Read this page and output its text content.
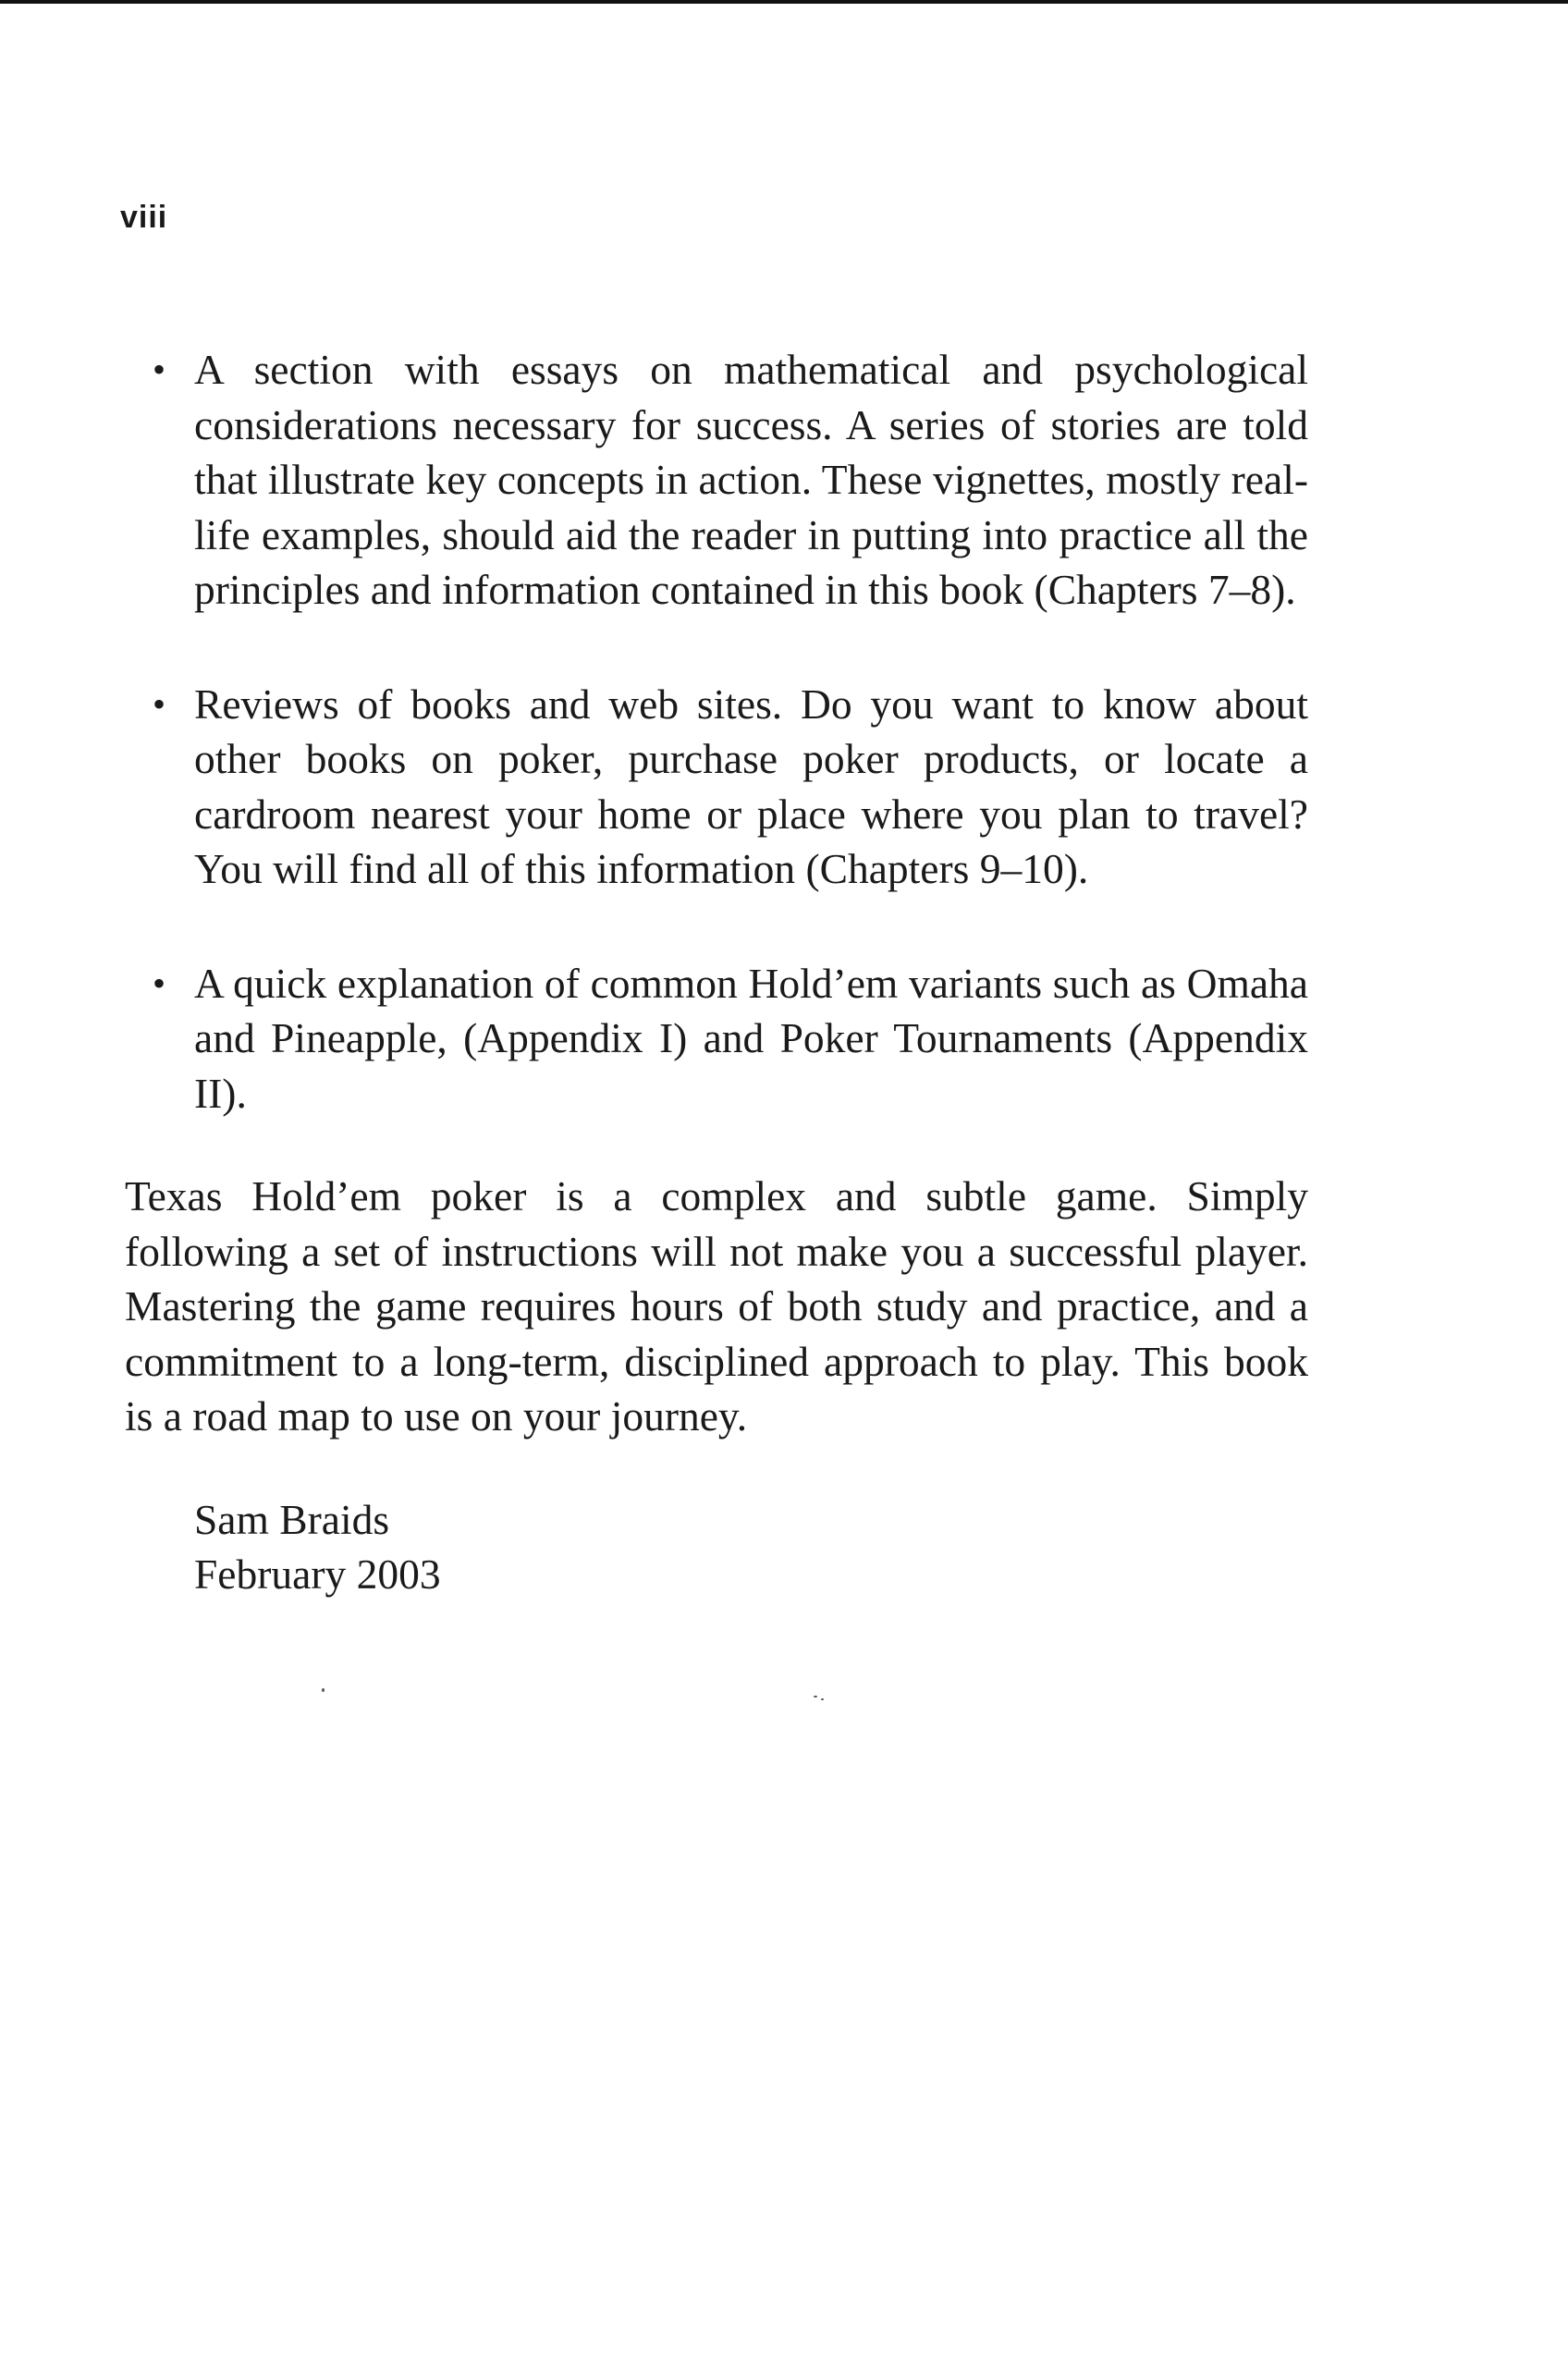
viii
• A section with essays on mathematical and psychological considerations necessary for success. A series of stories are told that illustrate key concepts in action. These vignettes, mostly real-life examples, should aid the reader in putting into practice all the principles and information contained in this book (Chapters 7–8).

• Reviews of books and web sites. Do you want to know about other books on poker, purchase poker products, or locate a cardroom nearest your home or place where you plan to travel? You will find all of this information (Chapters 9–10).

• A quick explanation of common Hold’em variants such as Omaha and Pineapple, (Appendix I) and Poker Tournaments (Appendix II).

Texas Hold’em poker is a complex and subtle game. Simply following a set of instructions will not make you a successful player. Mastering the game requires hours of both study and practice, and a commitment to a long-term, disciplined approach to play. This book is a road map to use on your journey.

Sam Braids
February 2003
